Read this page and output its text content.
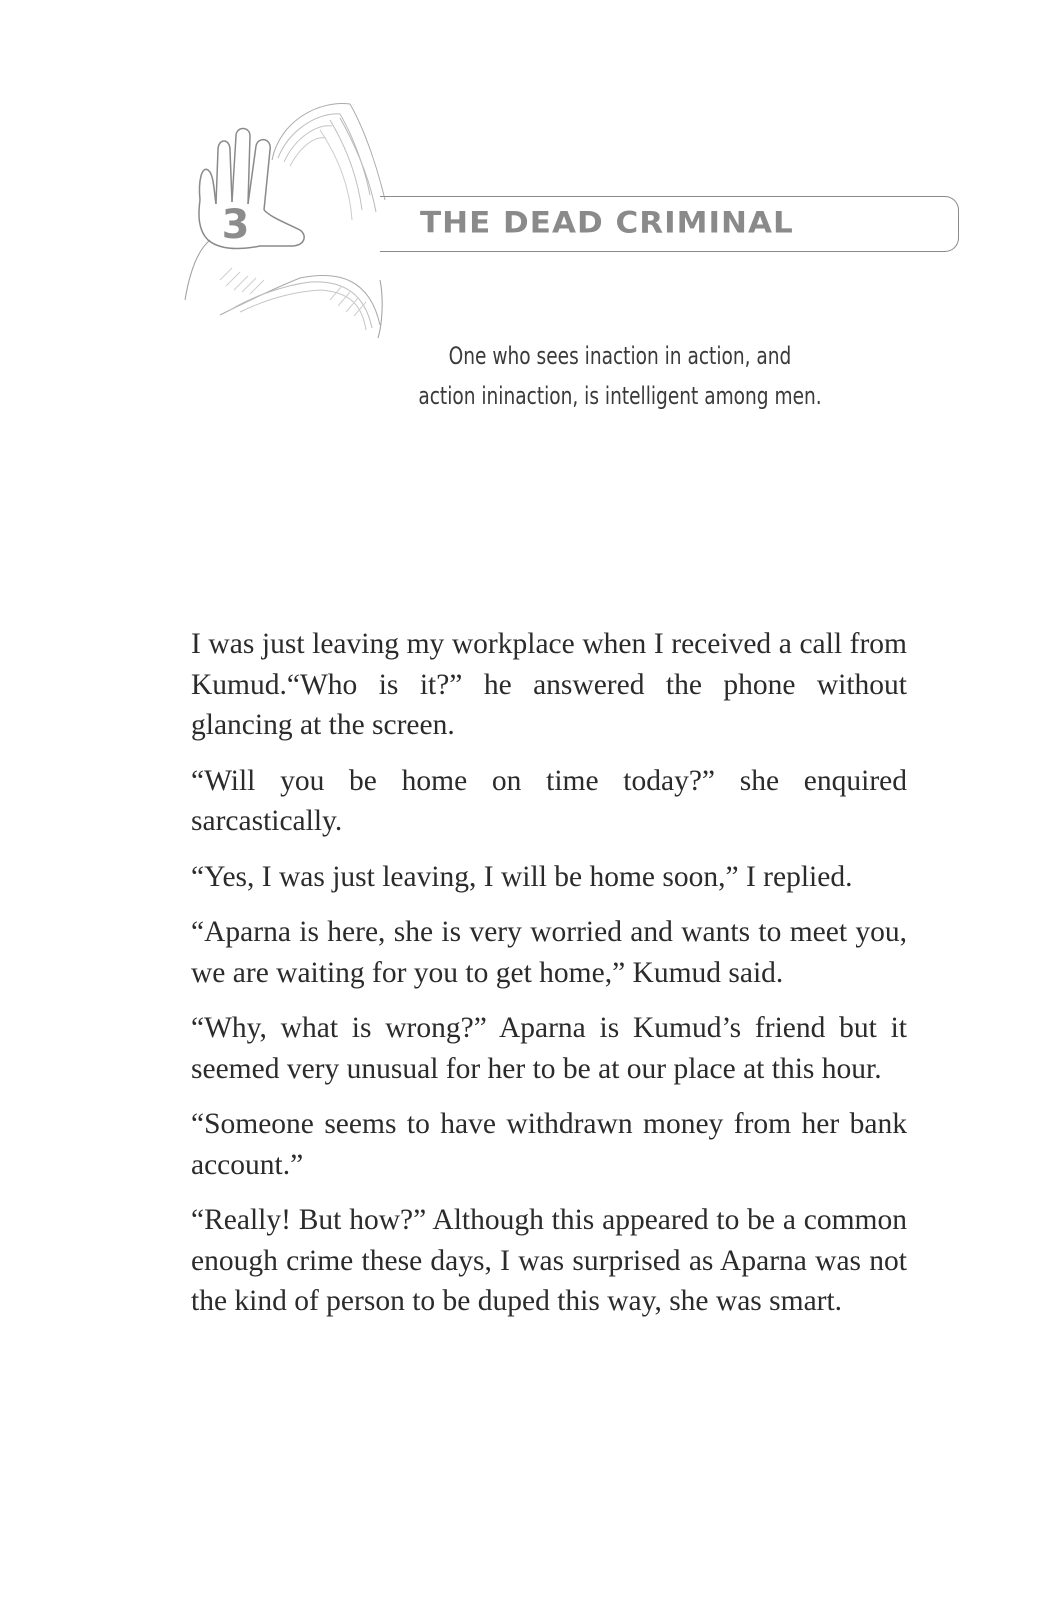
3	THE DEAD CRIMINAL
One who sees inaction in action, and
action ininaction, is intelligent among men.

I was just leaving my workplace when I received a call from Kumud.“Who is it?” he answered the phone without glancing at the screen.

“Will you be home on time today?” she enquired sarcastically.

“Yes, I was just leaving, I will be home soon,” I replied.

“Aparna is here, she is very worried and wants to meet you, we are waiting for you to get home,” Kumud said.

“Why, what is wrong?” Aparna is Kumud’s friend but it seemed very unusual for her to be at our place at this hour.

“Someone seems to have withdrawn money from her bank account.”

“Really! But how?” Although this appeared to be a common enough crime these days, I was surprised as Aparna was not the kind of person to be duped this way, she was smart.
